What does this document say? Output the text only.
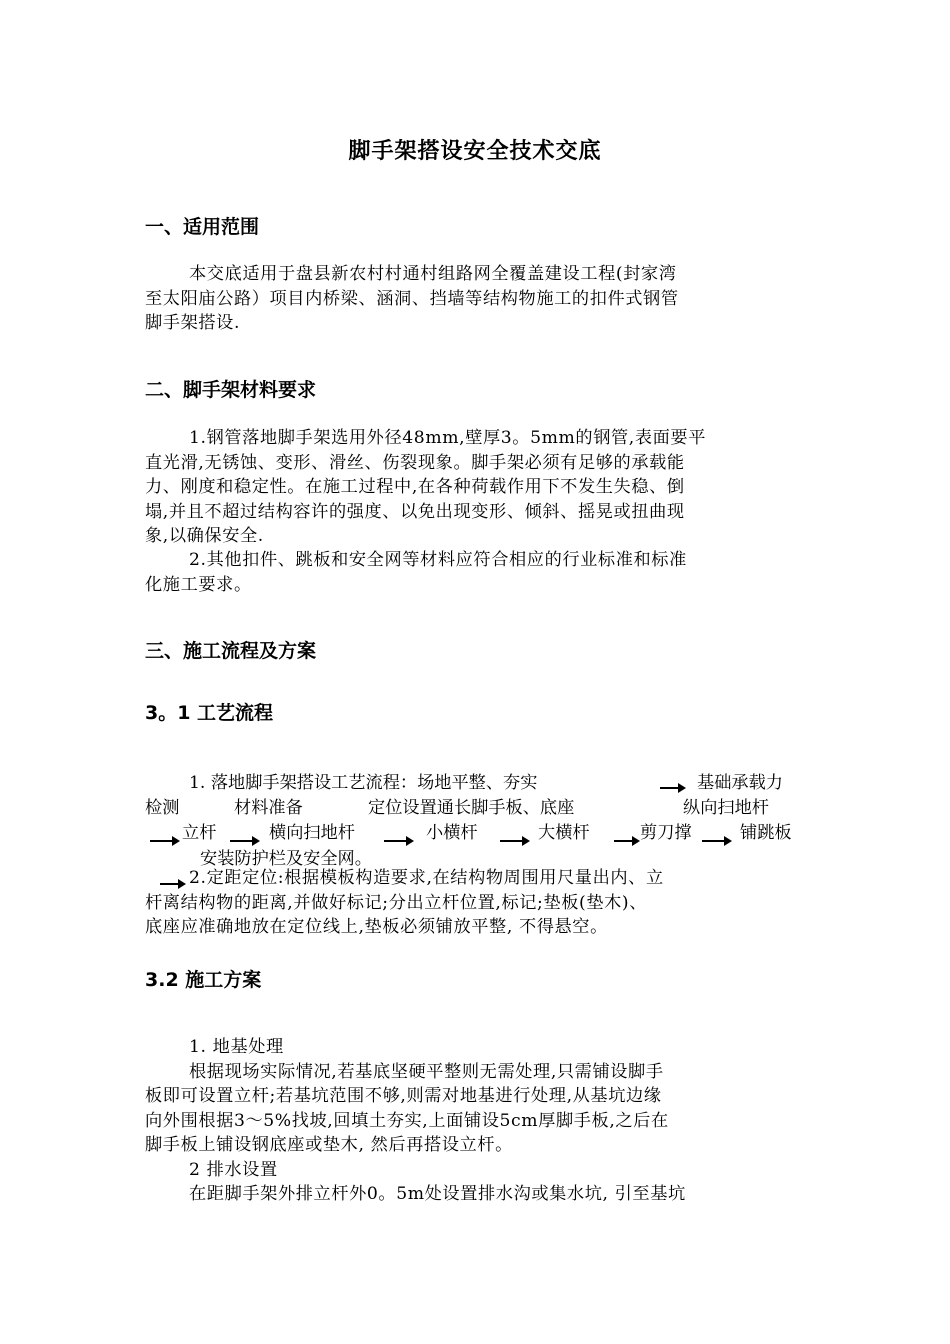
脚手架搭设安全技术交底
一、适用范围
本交底适用于盘县新农村村通村组路网全覆盖建设工程(封家湾
至太阳庙公路）项目内桥梁、涵洞、挡墙等结构物施工的扣件式钢管
脚手架搭设.
二、脚手架材料要求
1.钢管落地脚手架选用外径48mm,壁厚3。5mm的钢管,表面要平
直光滑,无锈蚀、变形、滑丝、伤裂现象。脚手架必须有足够的承载能
力、刚度和稳定性。在施工过程中,在各种荷载作用下不发生失稳、倒
塌,并且不超过结构容许的强度、以免出现变形、倾斜、摇晃或扭曲现
象,以确保安全.
2.其他扣件、跳板和安全网等材料应符合相应的行业标准和标准
化施工要求。
三、施工流程及方案
3。1 工艺流程
1. 落地脚手架搭设工艺流程：场地平整、夯实	基础承载力
检测	材料准备	定位设置通长脚手板、底座	纵向扫地杆
立杆	横向扫地杆	小横杆	大横杆	剪刀撑	铺跳板
安装防护栏及安全网。
2.定距定位:根据模板构造要求,在结构物周围用尺量出内、立
杆离结构物的距离,并做好标记;分出立杆位置,标记;垫板(垫木)、
底座应准确地放在定位线上,垫板必须铺放平整, 不得悬空。
3.2 施工方案
1. 地基处理
根据现场实际情况,若基底坚硬平整则无需处理,只需铺设脚手
板即可设置立杆;若基坑范围不够,则需对地基进行处理,从基坑边缘
向外围根据3～5%找坡,回填土夯实,上面铺设5cm厚脚手板,之后在
脚手板上铺设钢底座或垫木, 然后再搭设立杆。
2 排水设置
在距脚手架外排立杆外0。5m处设置排水沟或集水坑, 引至基坑
